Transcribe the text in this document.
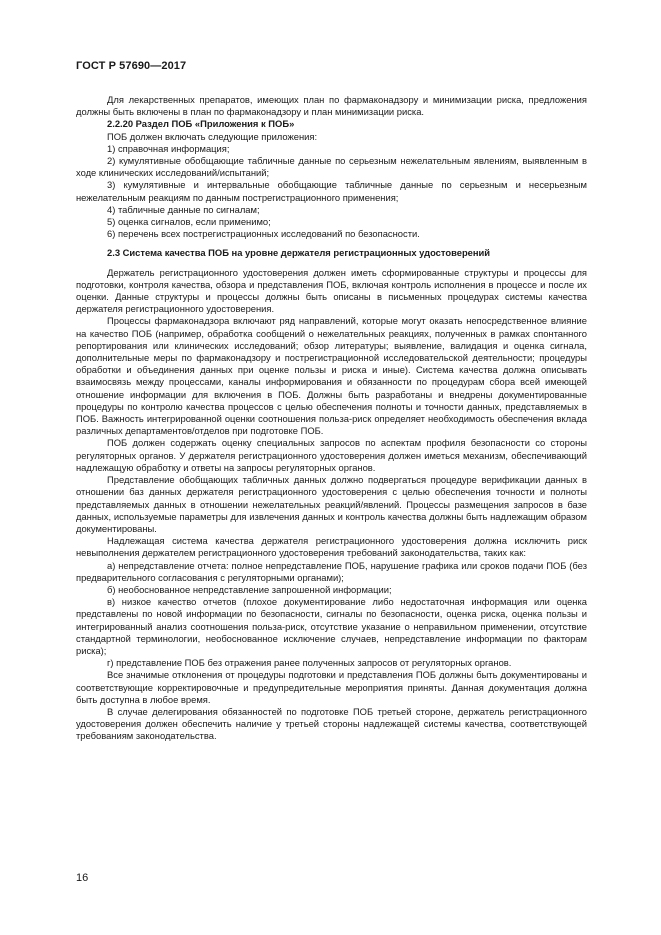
ГОСТ Р 57690—2017

Для лекарственных препаратов, имеющих план по фармаконадзору и минимизации риска, предложения должны быть включены в план по фармаконадзору и план минимизации риска.

2.2.20 Раздел ПОБ «Приложения к ПОБ»

ПОБ должен включать следующие приложения:

1) справочная информация;

2) кумулятивные обобщающие табличные данные по серьезным нежелательным явлениям, выявленным в ходе клинических исследований/испытаний;

3) кумулятивные и интервальные обобщающие табличные данные по серьезным и несерьезным нежелательным реакциям по данным пострегистрационного применения;

4) табличные данные по сигналам;

5) оценка сигналов, если применимо;

6) перечень всех пострегистрационных исследований по безопасности.

2.3 Система качества ПОБ на уровне держателя регистрационных удостоверений

Держатель регистрационного удостоверения должен иметь сформированные структуры и процессы для подготовки, контроля качества, обзора и представления ПОБ, включая контроль исполнения в процессе и после их оценки. Данные структуры и процессы должны быть описаны в письменных процедурах системы качества держателя регистрационного удостоверения.

Процессы фармаконадзора включают ряд направлений, которые могут оказать непосредственное влияние на качество ПОБ (например, обработка сообщений о нежелательных реакциях, полученных в рамках спонтанного репортирования или клинических исследований; обзор литературы; выявление, валидация и оценка сигнала, дополнительные меры по фармаконадзору и пострегистрационной исследовательской деятельности; процедуры обработки и объединения данных при оценке пользы и риска и иные). Система качества должна описывать взаимосвязь между процессами, каналы информирования и обязанности по процедурам сбора всей имеющей отношение информации для включения в ПОБ. Должны быть разработаны и внедрены документированные процедуры по контролю качества процессов с целью обеспечения полноты и точности данных, представляемых в ПОБ. Важность интегрированной оценки соотношения польза-риск определяет необходимость обеспечения вклада различных департаментов/отделов при подготовке ПОБ.

ПОБ должен содержать оценку специальных запросов по аспектам профиля безопасности со стороны регуляторных органов. У держателя регистрационного удостоверения должен иметься механизм, обеспечивающий надлежащую обработку и ответы на запросы регуляторных органов.

Представление обобщающих табличных данных должно подвергаться процедуре верификации данных в отношении баз данных держателя регистрационного удостоверения с целью обеспечения точности и полноты представляемых данных в отношении нежелательных реакций/явлений. Процессы размещения запросов в базе данных, используемые параметры для извлечения данных и контроль качества должны быть надлежащим образом документированы.

Надлежащая система качества держателя регистрационного удостоверения должна исключить риск невыполнения держателем регистрационного удостоверения требований законодательства, таких как:

а) непредставление отчета: полное непредставление ПОБ, нарушение графика или сроков подачи ПОБ (без предварительного согласования с регуляторными органами);

б) необоснованное непредставление запрошенной информации;

в) низкое качество отчетов (плохое документирование либо недостаточная информация или оценка представлены по новой информации по безопасности, сигналы по безопасности, оценка риска, оценка пользы и интегрированный анализ соотношения польза-риск, отсутствие указание о неправильном применении, отсутствие стандартной терминологии, необоснованное исключение случаев, непредставление информации по факторам риска);

г) представление ПОБ без отражения ранее полученных запросов от регуляторных органов.

Все значимые отклонения от процедуры подготовки и представления ПОБ должны быть документированы и соответствующие корректировочные и предупредительные мероприятия приняты. Данная документация должна быть доступна в любое время.

В случае делегирования обязанностей по подготовке ПОБ третьей стороне, держатель регистрационного удостоверения должен обеспечить наличие у третьей стороны надлежащей системы качества, соответствующей требованиям законодательства.

16
